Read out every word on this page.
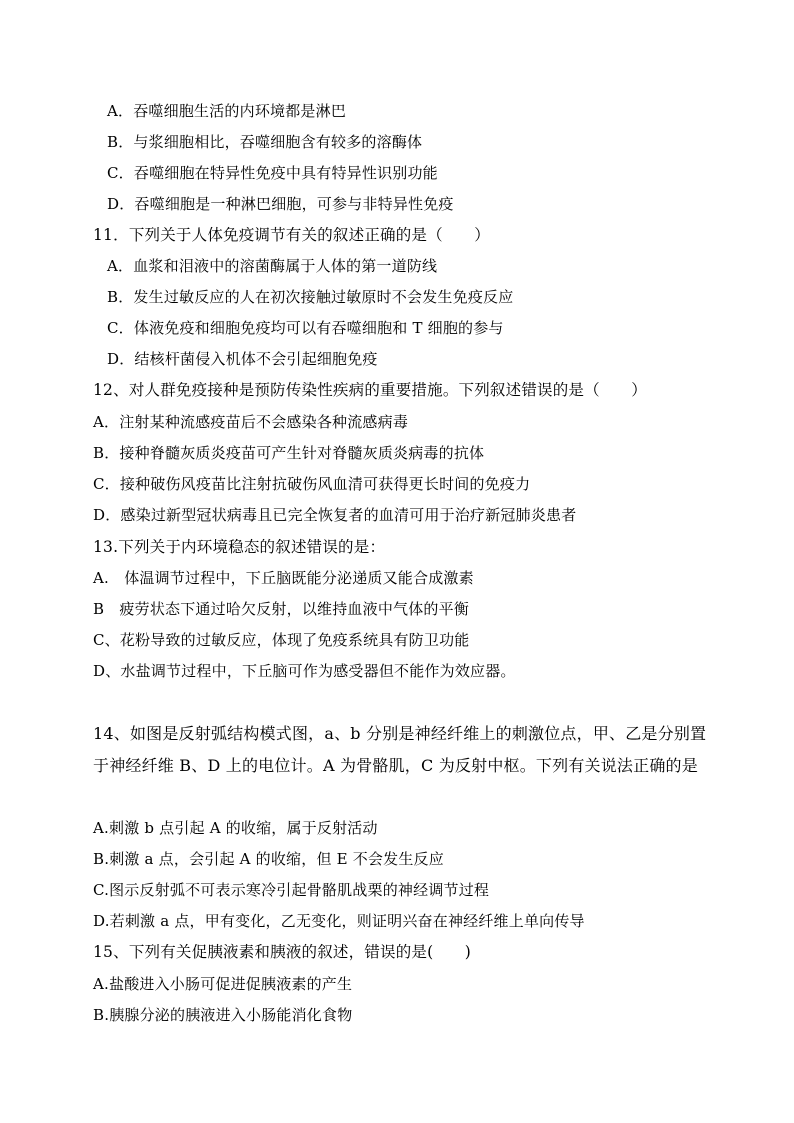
A．吞噬细胞生活的内环境都是淋巴
B．与浆细胞相比，吞噬细胞含有较多的溶酶体
C．吞噬细胞在特异性免疫中具有特异性识别功能
D．吞噬细胞是一种淋巴细胞，可参与非特异性免疫
11．下列关于人体免疫调节有关的叙述正确的是（　　）
A．血浆和泪液中的溶菌酶属于人体的第一道防线
B．发生过敏反应的人在初次接触过敏原时不会发生免疫反应
C．体液免疫和细胞免疫均可以有吞噬细胞和 T 细胞的参与
D．结核杆菌侵入机体不会引起细胞免疫
12、对人群免疫接种是预防传染性疾病的重要措施。下列叙述错误的是（　　）
A．注射某种流感疫苗后不会感染各种流感病毒
B．接种脊髓灰质炎疫苗可产生针对脊髓灰质炎病毒的抗体
C．接种破伤风疫苗比注射抗破伤风血清可获得更长时间的免疫力
D．感染过新型冠状病毒且已完全恢复者的血清可用于治疗新冠肺炎患者
13.下列关于内环境稳态的叙述错误的是：
A.　体温调节过程中，下丘脑既能分泌递质又能合成激素
B　疲劳状态下通过哈欠反射，以维持血液中气体的平衡
C、花粉导致的过敏反应，体现了免疫系统具有防卫功能
D、水盐调节过程中，下丘脑可作为感受器但不能作为效应器。
14、如图是反射弧结构模式图，a、b 分别是神经纤维上的刺激位点，甲、乙是分别置
于神经纤维 B、D 上的电位计。A 为骨骼肌，C 为反射中枢。下列有关说法正确的是
A.刺激 b 点引起 A 的收缩，属于反射活动
B.刺激 a 点，会引起 A 的收缩，但 E 不会发生反应
C.图示反射弧不可表示寒冷引起骨骼肌战栗的神经调节过程
D.若刺激 a 点，甲有变化，乙无变化，则证明兴奋在神经纤维上单向传导
15、下列有关促胰液素和胰液的叙述，错误的是(　　)
A.盐酸进入小肠可促进促胰液素的产生
B.胰腺分泌的胰液进入小肠能消化食物
